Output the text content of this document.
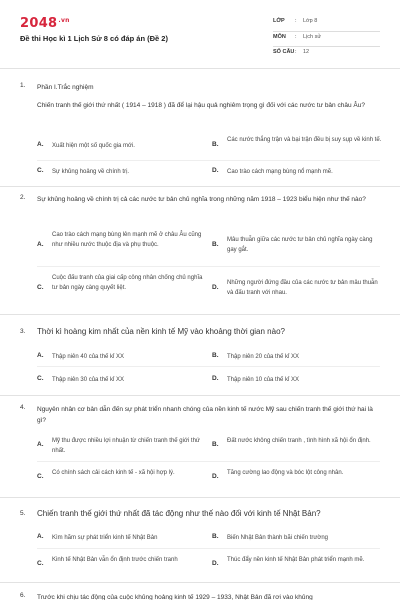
$2048^{.vn}$
Đề thi Học kì 1 Lịch Sử 8 có đáp án (Đề 2)
LỚP : Lớp 8
MÔN : Lịch sử
SỐ CÂU : 12
1. Phần I.Trắc nghiệm
Chiến tranh thế giới thứ nhất ( 1914 – 1918 ) đã để lại hậu quả nghiêm trọng gì đối với các nước tư bản châu Âu?
A. Xuất hiện một số quốc gia mới.	B.
Các nước thắng trận và bại trận đều bị suy sụp về kinh tế.
C. Sự khủng hoảng về chính trị.	D. Cao trào cách mạng bùng nổ mạnh mẽ.
2. Sự khủng hoảng về chính trị cả các nước tư bản chủ nghĩa trong những năm 1918 – 1923 biểu hiện như thế nào?
A.
Cao trào cách mạng bùng lên mạnh mẽ ở châu Âu cũng như nhiều nước thuộc địa và phụ thuộc.	B.
Mâu thuẫn giữa các nước tư bản chủ nghĩa ngày càng gay gắt.
C.
Cuộc đấu tranh của giai cấp công nhân chống chủ nghĩa tư bản ngày càng quyết liệt.	D.
Những người đứng đầu của các nước tư bản mâu thuẫn và đấu tranh với nhau.
3. Thời kì hoàng kim nhất của nền kinh tế Mỹ vào khoảng thời gian nào?
A. Thập niên 40 của thế kỉ XX	B. Thập niên 20 của thế kỉ XX
C. Thập niên 30 của thế kỉ XX	D. Thập niên 10 của thế kỉ XX
4. Nguyên nhân cơ bản dẫn đến sự phát triển nhanh chóng của nền kinh tế nước Mỹ sau chiến tranh thế giới thứ hai là gì?
A. Mỹ thu được nhiều lợi nhuận từ chiến tranh thế giới thứ nhất.
B. Đất nước không chiến tranh , tình hình xã hội ổn định.
C. Có chính sách cải cách kinh tế - xã hội hợp lý.	D. Tăng cường lao động và bóc lột công nhân.
5. Chiến tranh thế giới thứ nhất đã tác động như thế nào đối với kinh tế Nhật Bản?
A. Kìm hãm sự phát triển kinh tế Nhật Bản	B. Biến Nhật Bản thành bãi chiến trường
C. Kinh tế Nhật Bản vẫn ổn định trước chiến tranh	D. Thúc đẩy nền kinh tế Nhật Bản phát triển mạnh mẽ.
6. Trước khi chịu tác động của cuộc khủng hoảng kinh tế 1929 – 1933, Nhật Bản đã rơi vào khủng
